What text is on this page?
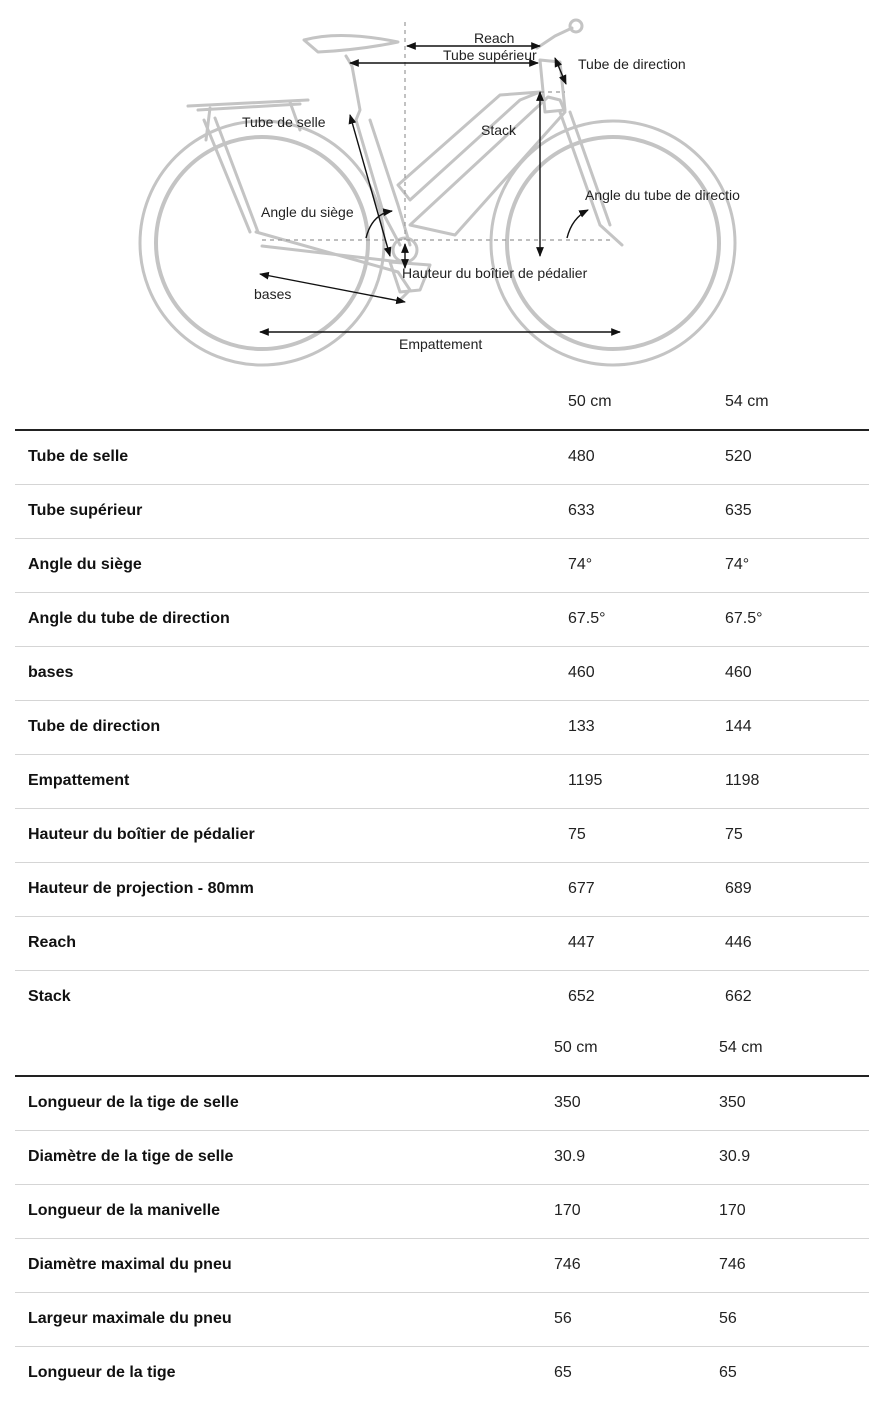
Reach
Tube supérieur
Tube de direction
Tube de selle	Stack
Angle du tube de directio
Angle du siège
Hauteur du boîtier de pédalier
bases
Empattement
50 cm	54 cm
Tube de selle	480	520
Tube supérieur	633	635
Angle du siège	74°	74°
Angle du tube de direction	67.5°	67.5°
bases	460	460
Tube de direction	133	144
Empattement	1195	1198
Hauteur du boîtier de pédalier	75	75
Hauteur de projection - 80mm	677	689
Reach	447	446
Stack	652	662
50 cm	54 cm
Longueur de la tige de selle	350	350
Diamètre de la tige de selle	30.9	30.9
Longueur de la manivelle	170	170
Diamètre maximal du pneu	746	746
Largeur maximale du pneu	56	56
Longueur de la tige	65	65
